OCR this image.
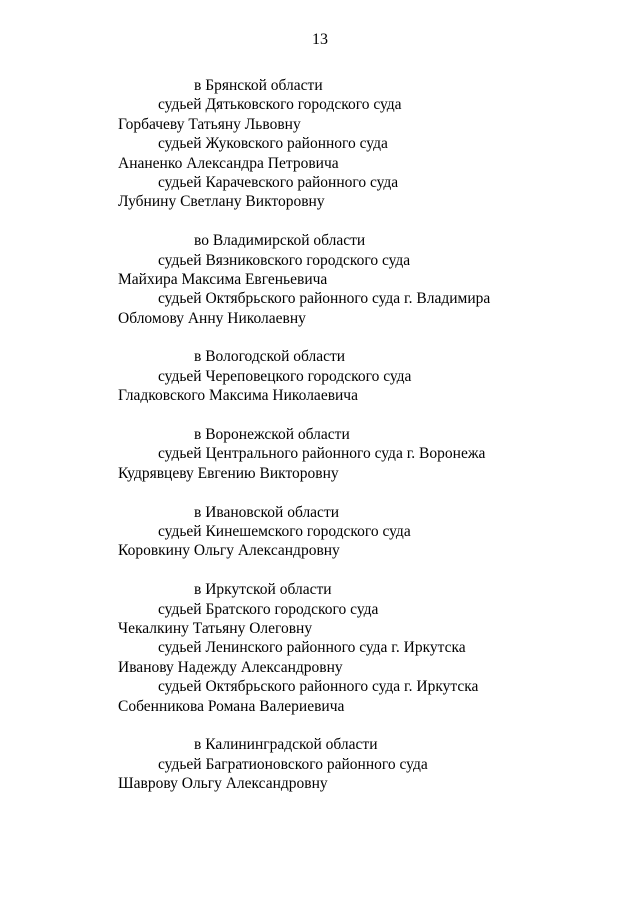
13
в Брянской области
судьей Дятьковского городского суда
Горбачеву Татьяну Львовну
судьей Жуковского районного суда
Ананенко Александра Петровича
судьей Карачевского районного суда
Лубнину Светлану Викторовну
во Владимирской области
судьей Вязниковского городского суда
Майхира Максима Евгеньевича
судьей Октябрьского районного суда г. Владимира
Обломову Анну Николаевну
в Вологодской области
судьей Череповецкого городского суда
Гладковского Максима Николаевича
в Воронежской области
судьей Центрального районного суда г. Воронежа
Кудрявцеву Евгению Викторовну
в Ивановской области
судьей Кинешемского городского суда
Коровкину Ольгу Александровну
в Иркутской области
судьей Братского городского суда
Чекалкину Татьяну Олеговну
судьей Ленинского районного суда г. Иркутска
Иванову Надежду Александровну
судьей Октябрьского районного суда г. Иркутска
Собенникова Романа Валериевича
в Калининградской области
судьей Багратионовского районного суда
Шаврову Ольгу Александровну
